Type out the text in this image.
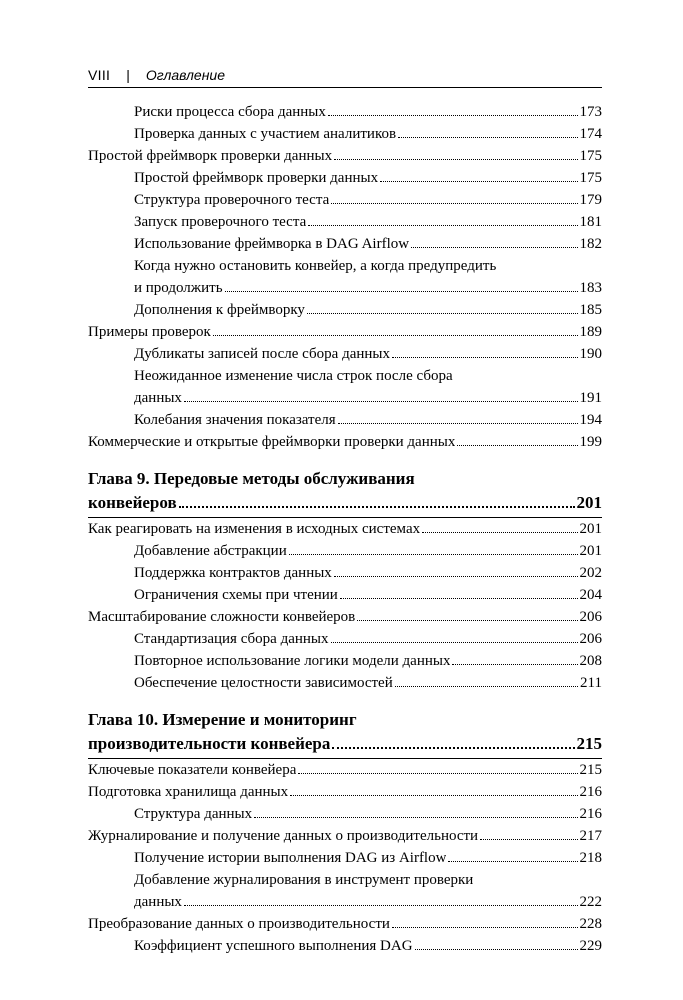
VIII | Оглавление
Риски процесса сбора данных	173
Проверка данных с участием аналитиков	174
Простой фреймворк проверки данных	175
Простой фреймворк проверки данных	175
Структура проверочного теста	179
Запуск проверочного теста	181
Использование фреймворка в DAG Airflow	182
Когда нужно остановить конвейер, а когда предупредить
и продолжить	183
Дополнения к фреймворку	185
Примеры проверок	189
Дубликаты записей после сбора данных	190
Неожиданное изменение числа строк после сбора
данных	191
Колебания значения показателя	194
Коммерческие и открытые фреймворки проверки данных	199
Глава 9. Передовые методы обслуживания
конвейеров	201
Как реагировать на изменения в исходных системах	201
Добавление абстракции	201
Поддержка контрактов данных	202
Ограничения схемы при чтении	204
Масштабирование сложности конвейеров	206
Стандартизация сбора данных	206
Повторное использование логики модели данных	208
Обеспечение целостности зависимостей	211
Глава 10. Измерение и мониторинг
производительности конвейера	215
Ключевые показатели конвейера	215
Подготовка хранилища данных	216
Структура данных	216
Журналирование и получение данных о производительности	217
Получение истории выполнения DAG из Airflow	218
Добавление журналирования в инструмент проверки
данных	222
Преобразование данных о производительности	228
Коэффициент успешного выполнения DAG	229
